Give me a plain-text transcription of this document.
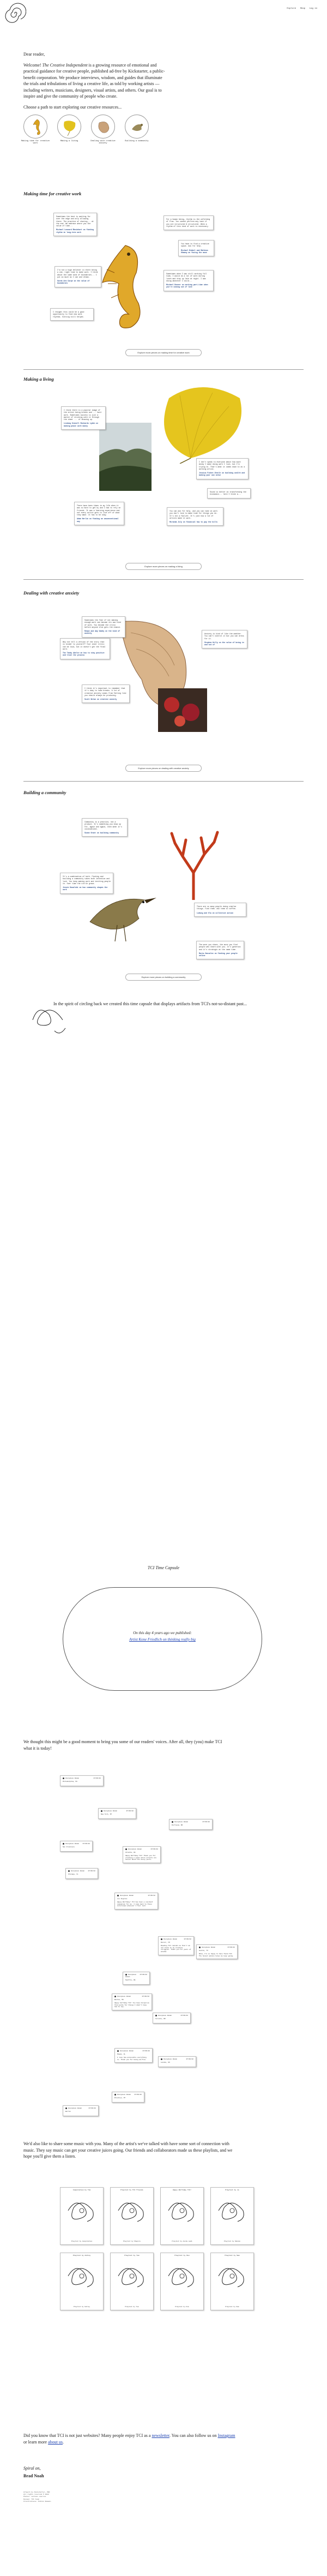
Explore Shop Log in

Dear reader,

Welcome! The Creative Independent is a growing resource of emotional and practical guidance for creative people, published ad-free by Kickstarter, a public-benefit corporation. We produce interviews, wisdom, and guides that illuminate the trials and tribulations of living a creative life, as told by working artists — including writers, musicians, designers, visual artists, and others. Our goal is to inspire and give the community of people who create.

Choose a path to start exploring our creative resources...

Making time for creative work
Making a living	Dealing with creative anxiety
Building a community
Making time for creative work
Sometimes the best is waiting for over the edge and only allowing there. The practice of sharing... at the end. We embrace where you the value of time...
Michael Leonard Rheinhart on finding rhythm in long-term work
For a human being, rhythm is the unfolding of flow. You cannot perform any task if you are structured & structured. When a rhythm of this kind of work is necessary.
You have to find a creative space. Ask for help.
Michael Bidmil and Mathews Ohmany on facing the muse
I'm not a huge believer in there being a one, right time to make work. I think about the same kind of boundaries... I put as much as I can and dream.
Sarah Arm Carpe on the value of boundaries
Sometimes when I was still working full time, I would do a lot of work during lunch and stay up late at night. I was doing whatever I could...
Michael Dunner on working part-time when you're coming out of love
I thought this could be a good opportunity to find new work rhythms. Sitting still helped.
Explore more pieces on making time for creative work
Making a living
I think there is a popular image of the artist being broken and ... hard work. Sometimes success is just a matter of sticking with it through the sheer ... of showing up.
Lindsay Kinnell Richards Lyden on making peace with money
I don't speak to everyone about how much money I make doing work I love, but I'm trying to. That's what it comes down to as a working artist.
Jessica Fisher-Steele on building wealth and making your own value
Sound is better at transforming the economics... here I think a...
There have been times in my life when it was so hard to get by and I had to rely on friends. It was a learning experience and not every artist gets to live off of what they make. It has to be okay.
Adam Herlin on finding an unconventional way
You can ask for help, and you can take on work you don't love to make time for things you do. It's not a failure. It's just how a lot of artists make it work.
Miranda July on financial how to pay the bills
Explore more pieces on making a living
Dealing with creative anxiety
Sometimes the fear of not making enough work can become its own kind of work. You become the critic before anyone else gets the chance.
Robyn and Amy Wadey on the kind of anxiety	Anxiety is kind of like the weather. You can't control it but you can dress for it.
Stephen Kelly on the value of being in and not of
Why not tell a version of the story that is kinder to yourself? Your inner critic can be loud, but it doesn't get the final word.
The Tandy Abelev on how to stay positive and trust the process
I think it's important to remember that it's okay to take breaks. A lot of creative anxiety comes from feeling like you should always be producing.
Scott Nolan on creative anxiety
Explore more pieces on dealing with creative anxiety
Building a community
Community is a practice, not a product. It's something you show up for, again and again, even when it's inconvenient.
Simon Grant on building community
It's a combination of both. Finding and building a community takes both intention and luck. You keep making work and inviting people in. Over time the circle grows.
Jessie Kowalski on how community shapes the work
There are so many people doing similar things. Find them. Ask them to coffee.
Ludwig and Ola on collective action
The more you share, the more you find people who share with you. It's generous and it's strategic at the same time.
Maria Gonzalez on finding your people online
Explore more pieces on building a community
In the spirit of circling back we created this time capsule that displays artifacts from TCI's not-so-distant past...
TCI Time Capsule
On this day 4 years ago we published:
Artist Kone Friedlich on thinking really big
We thought this might be a good moment to bring you some of our readers' voices. After all, they (you) make TCI what it is today!
Anonymous Human	07/06/22
Philadelphia, PA
Anonymous Human	07/06/22
New York, NY
Anonymous Human	07/06/22
Portland, OR
Anonymous Human 07/06/22
San Francisco
Anonymous Human	07/06/22
Atlanta, GA
Happy Birthday TCI! Thank you for creating a space where artists are honest about the messy parts.
Anonymous Human 07/06/22
Chicago, IL
Anonymous Human	07/06/22
Los Angeles
Happy Birthday! TCI has been a constant companion for me. I come back to these interviews whenever I feel lost.
Anonymous Human	07/06/22
Austin, TX
Whoa, I'm so happy to have found TCI. The honest advice helps me keep going.
Anonymous Human
07/06/22
Seattle, WA
Anonymous Human	07/06/22
Denver, CO
Reading TCI reminds me that I am not alone in my creative struggles. Thank you for years of wisdom.
Anonymous Human	07/06/22
Toronto, ON
Anonymous Human	07/06/22
Boston, MA
Happy birthday TCI! You have helped me find words for things I didn't know how to say.
Anonymous Human	07/06/22
Miami, FL
I love how accessible everything is. Thank you for being ad-free.	Anonymous Human	07/06/22
London, UK
Anonymous Human	07/06/22
Berlin
Anonymous Human 07/06/22
Brooklyn, NY
We'd also like to share some music with you. Many of the artist's we've talked with have some sort of connection with music. They say music can get your creative juices going. Our friends and collaborators made us these playlists, and we hope you'll give them a listen.
Compilation by Tim
Playlist by Compilation
Playlist by TCI friends
Playlist by Shapiro
Happy Birthday TCI!
Playlist by Aisha Lamb
Playlist by Jo
Playlist by Nobuko
Playlist by Ashley
Playlist by Ashley
Playlist by Tom
Playlist by Tom
Playlist by Kim
Playlist by Kim
Playlist by Sam
Playlist by Sam
Did you know that TCI is not just websites? Many people enjoy TCI as a newsletter. You can also follow us on Instagram or learn more about us.
Spiral on,
Brad Noah
Artwork by Kickstarter, PBC
All rights reserved © 2022
Photos: various sources
Design: TCI team
Illustrations: Public Domain
